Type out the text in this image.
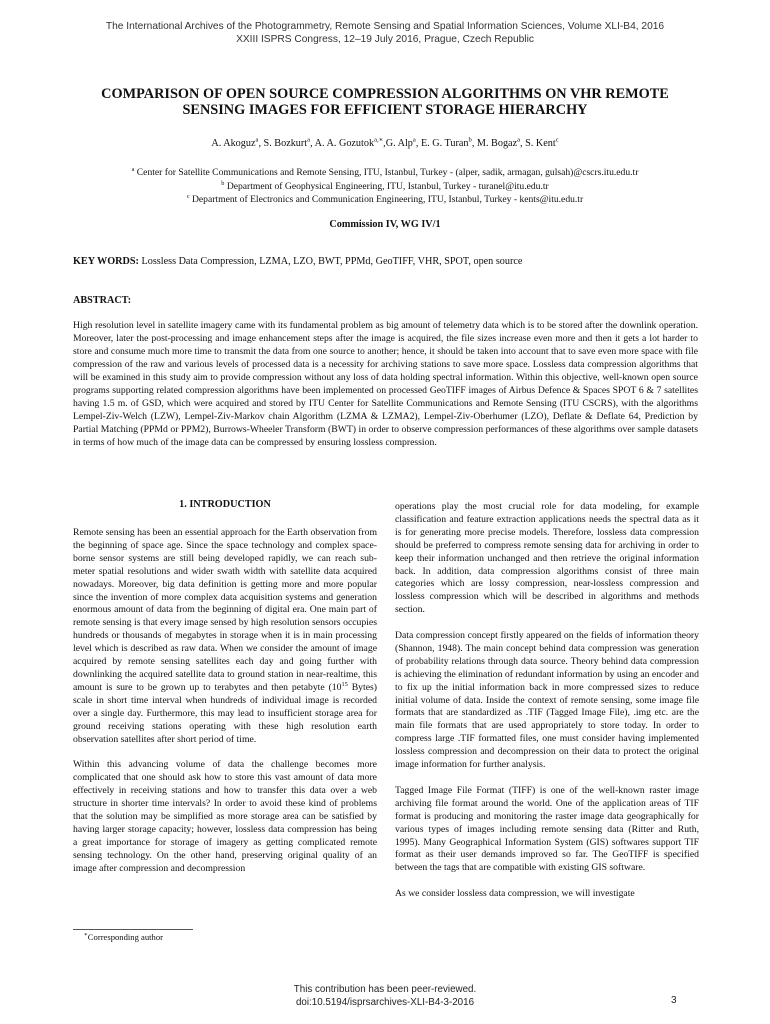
The International Archives of the Photogrammetry, Remote Sensing and Spatial Information Sciences, Volume XLI-B4, 2016
XXIII ISPRS Congress, 12–19 July 2016, Prague, Czech Republic
COMPARISON OF OPEN SOURCE COMPRESSION ALGORITHMS ON VHR REMOTE
SENSING IMAGES FOR EFFICIENT STORAGE HIERARCHY
A. Akoguz$^a$, S. Bozkurt$^a$, A. A. Gozutok$^{a,∗}$,G. Alp$^a$, E. G. Turan$^b$, M. Bogaz$^a$, S. Kent$^c$
$^a$ Center for Satellite Communications and Remote Sensing, ITU, Istanbul, Turkey - (alper, sadik, armagan, gulsah)@cscrs.itu.edu.tr
$^b$ Department of Geophysical Engineering, ITU, Istanbul, Turkey - turanel@itu.edu.tr
$^c$ Department of Electronics and Communication Engineering, ITU, Istanbul, Turkey - kents@itu.edu.tr
Commission IV, WG IV/1
KEY WORDS: Lossless Data Compression, LZMA, LZO, BWT, PPMd, GeoTIFF, VHR, SPOT, open source
ABSTRACT:
High resolution level in satellite imagery came with its fundamental problem as big amount of telemetry data which is to be stored after the downlink operation. Moreover, later the post-processing and image enhancement steps after the image is acquired, the file sizes increase even more and then it gets a lot harder to store and consume much more time to transmit the data from one source to another; hence, it should be taken into account that to save even more space with file compression of the raw and various levels of processed data is a necessity for archiving stations to save more space. Lossless data compression algorithms that will be examined in this study aim to provide compression without any loss of data holding spectral information. Within this objective, well-known open source programs supporting related compression algorithms have been implemented on processed GeoTIFF images of Airbus Defence & Spaces SPOT 6 & 7 satellites having 1.5 m. of GSD, which were acquired and stored by ITU Center for Satellite Communications and Remote Sensing (ITU CSCRS), with the algorithms Lempel-Ziv-Welch (LZW), Lempel-Ziv-Markov chain Algorithm (LZMA & LZMA2), Lempel-Ziv-Oberhumer (LZO), Deflate & Deflate 64, Prediction by Partial Matching (PPMd or PPM2), Burrows-Wheeler Transform (BWT) in order to observe compression performances of these algorithms over sample datasets in terms of how much of the image data can be compressed by ensuring lossless compression.
1. INTRODUCTION

Remote sensing has been an essential approach for the Earth observation from the beginning of space age. Since the space technology and complex space-borne sensor systems are still being developed rapidly, we can reach sub-meter spatial resolutions and wider swath width with satellite data acquired nowadays. Moreover, big data definition is getting more and more popular since the invention of more complex data acquisition systems and generation enormous amount of data from the beginning of digital era. One main part of remote sensing is that every image sensed by high resolution sensors occupies hundreds or thousands of megabytes in storage when it is in main processing level which is described as raw data. When we consider the amount of image acquired by remote sensing satellites each day and going further with downlinking the acquired satellite data to ground station in near-realtime, this amount is sure to be grown up to terabytes and then petabyte ($10^{15}$ Bytes) scale in short time interval when hundreds of individual image is recorded over a single day. Furthermore, this may lead to insufficient storage area for ground receiving stations operating with these high resolution earth observation satellites after short period of time.

Within this advancing volume of data the challenge becomes more complicated that one should ask how to store this vast amount of data more effectively in receiving stations and how to transfer this data over a web structure in shorter time intervals? In order to avoid these kind of problems that the solution may be simplified as more storage area can be satisfied by having larger storage capacity; however, lossless data compression has being a great importance for storage of imagery as getting complicated remote sensing technology. On the other hand, preserving original quality of an image after compression and decompression

operations play the most crucial role for data modeling, for example classification and feature extraction applications needs the spectral data as it is for generating more precise models. Therefore, lossless data compression should be preferred to compress remote sensing data for archiving in order to keep their information unchanged and then retrieve the original information back. In addition, data compression algorithms consist of three main categories which are lossy compression, near-lossless compression and lossless compression which will be described in algorithms and methods section.

Data compression concept firstly appeared on the fields of information theory (Shannon, 1948). The main concept behind data compression was generation of probability relations through data source. Theory behind data compression is achieving the elimination of redundant information by using an encoder and to fix up the initial information back in more compressed sizes to reduce initial volume of data. Inside the context of remote sensing, some image file formats that are standardized as .TIF (Tagged Image File), .img etc. are the main file formats that are used appropriately to store today. In order to compress large .TIF formatted files, one must consider having implemented lossless compression and decompression on their data to protect the original image information for further analysis.

Tagged Image File Format (TIFF) is one of the well-known raster image archiving file format around the world. One of the application areas of TIF format is producing and monitoring the raster image data geographically for various types of images including remote sensing data (Ritter and Ruth, 1995). Many Geographical Information System (GIS) softwares support TIF format as their user demands improved so far. The GeoTIFF is specified between the tags that are compatible with existing GIS software.

As we consider lossless data compression, we will investigate

∗Corresponding author
This contribution has been peer-reviewed.
doi:10.5194/isprsarchives-XLI-B4-3-2016	3
